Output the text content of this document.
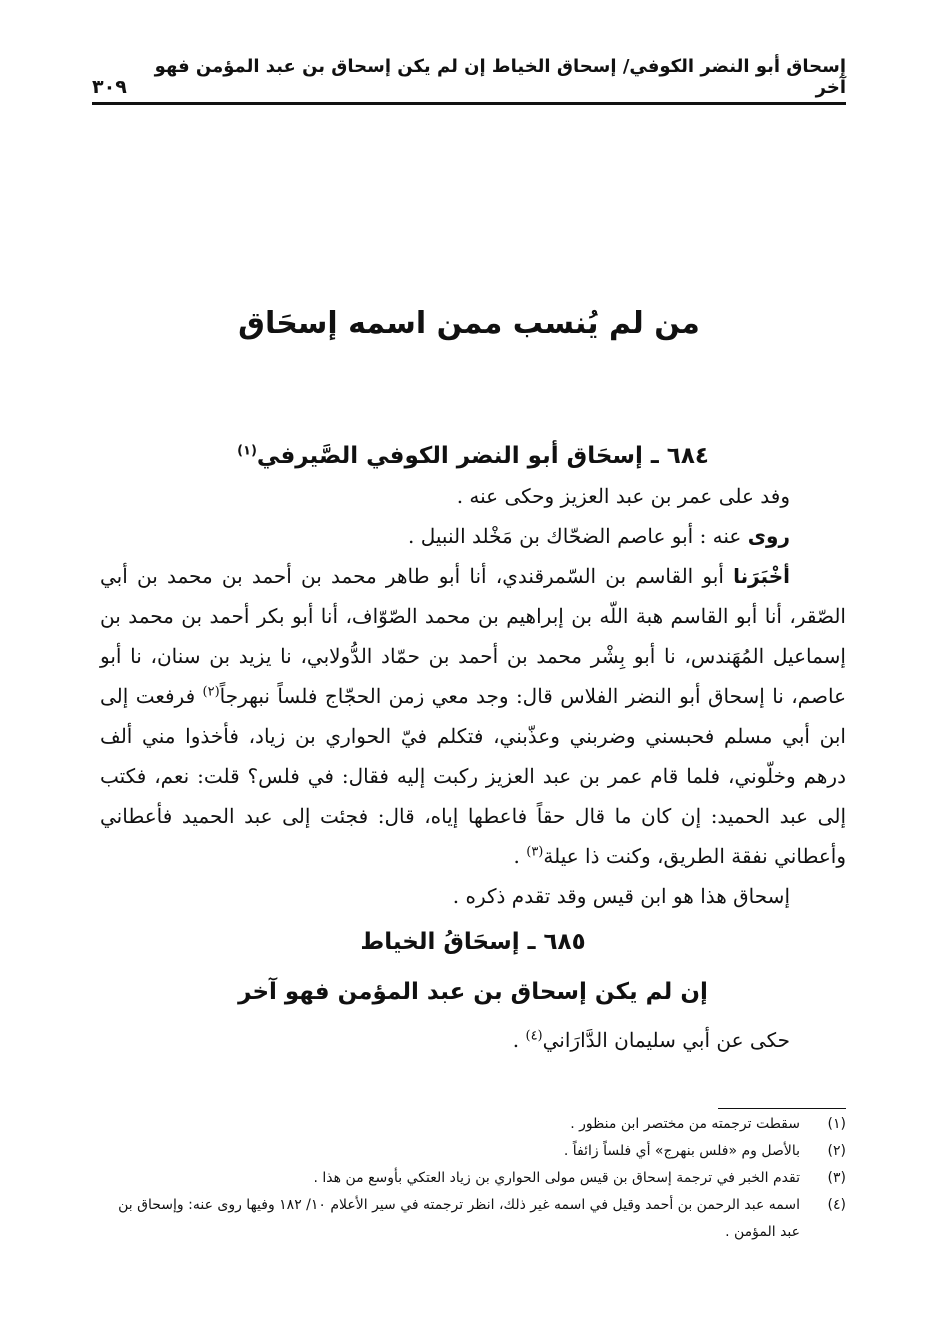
إسحاق أبو النضر الكوفي/ إسحاق الخياط إن لم يكن إسحاق بن عبد المؤمن فهو آخر
٣٠٩
من لم يُنسب ممن اسمه إسحَاق
٦٨٤ ـ إسحَاق أبو النضر الكوفي الصَّيرفي$^{(١)}$

وفد على عمر بن عبد العزيز وحكى عنه .

روى عنه : أبو عاصم الضحّاك بن مَخْلد النبيل .

أخْبَرَنا أبو القاسم بن السّمرقندي، أنا أبو طاهر محمد بن أحمد بن محمد بن أبي الصّقر، أنا أبو القاسم هبة اللّه بن إبراهيم بن محمد الصّوّاف، أنا أبو بكر أحمد بن محمد بن إسماعيل المُهَندس، نا أبو بِشْر محمد بن أحمد بن حمّاد الدُّولابي، نا يزيد بن سنان، نا أبو عاصم، نا إسحاق أبو النضر الفلاس قال: وجد معي زمن الحجّاج فلساً نبهرجاً$^{(٢)}$ فرفعت إلى ابن أبي مسلم فحبسني وضربني وعذّبني، فتكلم فيّ الحواري بن زياد، فأخذوا مني ألف درهم وخلّوني، فلما قام عمر بن عبد العزيز ركبت إليه فقال: في فلس؟ قلت: نعم، فكتب إلى عبد الحميد: إن كان ما قال حقاً فاعطها إياه، قال: فجئت إلى عبد الحميد فأعطاني وأعطاني نفقة الطريق، وكنت ذا عيلة$^{(٣)}$ .

إسحاق هذا هو ابن قيس وقد تقدم ذكره .

٦٨٥ ـ إسحَاقُ الخياط
إن لم يكن إسحاق بن عبد المؤمن فهو آخر

حكى عن أبي سليمان الدَّارَاني$^{(٤)}$ .

(١)
سقطت ترجمته من مختصر ابن منظور .
(٢)
بالأصل وم «فلس بنهرج» أي فلساً زائفاً .
(٣)
تقدم الخبر في ترجمة إسحاق بن قيس مولى الحواري بن زياد العتكي بأوسع من هذا .
(٤)
اسمه عبد الرحمن بن أحمد وقيل في اسمه غير ذلك، انظر ترجمته في سير الأعلام ١٠/ ١٨٢ وفيها روى عنه: وإسحاق بن عبد المؤمن .
